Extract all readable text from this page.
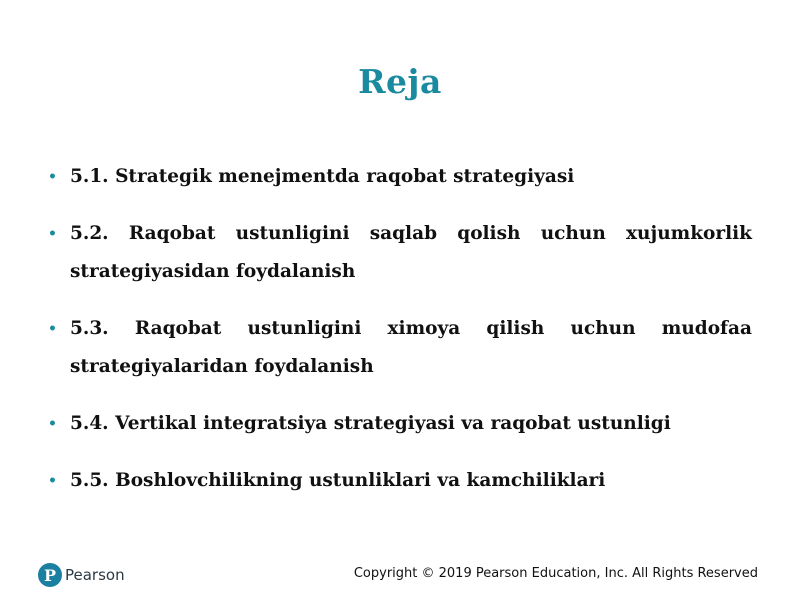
Reja
• 5.1. Strategik menejmentda raqobat strategiyasi
• 5.2. Raqobat ustunligini saqlab qolish uchun xujumkorlik strategiyasidan foydalanish
• 5.3. Raqobat ustunligini ximoya qilish uchun mudofaa strategiyalaridan foydalanish
• 5.4. Vertikal integratsiya strategiyasi va raqobat ustunligi
• 5.5. Boshlovchilikning ustunliklari va kamchiliklari
P Pearson	Copyright © 2019 Pearson Education, Inc. All Rights Reserved
